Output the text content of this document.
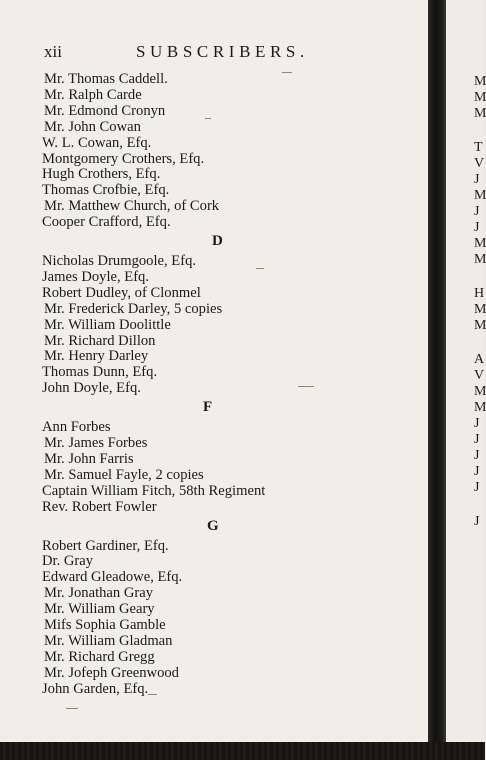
xii	SUBSCRIBERS.
Mr. Thomas Caddell.
Mr. Ralph Carde
Mr. Edmond Cronyn
Mr. John Cowan
W. L. Cowan, Efq.
Montgomery Crothers, Efq.
Hugh Crothers, Efq.
Thomas Crofbie, Efq.
Mr. Matthew Church, of Cork
Cooper Crafford, Efq.
D
Nicholas Drumgoole, Efq.
James Doyle, Efq.
Robert Dudley, of Clonmel
Mr. Frederick Darley, 5 copies
Mr. William Doolittle
Mr. Richard Dillon
Mr. Henry Darley
Thomas Dunn, Efq.
John Doyle, Efq.
F
Ann Forbes
Mr. James Forbes
Mr. John Farris
Mr. Samuel Fayle, 2 copies
Captain William Fitch, 58th Regiment
Rev. Robert Fowler
G
Robert Gardiner, Efq.
Dr. Gray
Edward Gleadowe, Efq.
Mr. Jonathan Gray
Mr. William Geary
Mifs Sophia Gamble
Mr. William Gladman
Mr. Richard Gregg
Mr. Jofeph Greenwood
John Garden, Efq.
M
M
M
T
V
J
M
J
J
M
M
H
M
M
A
V
M
M
J
J
J
J
J
J
